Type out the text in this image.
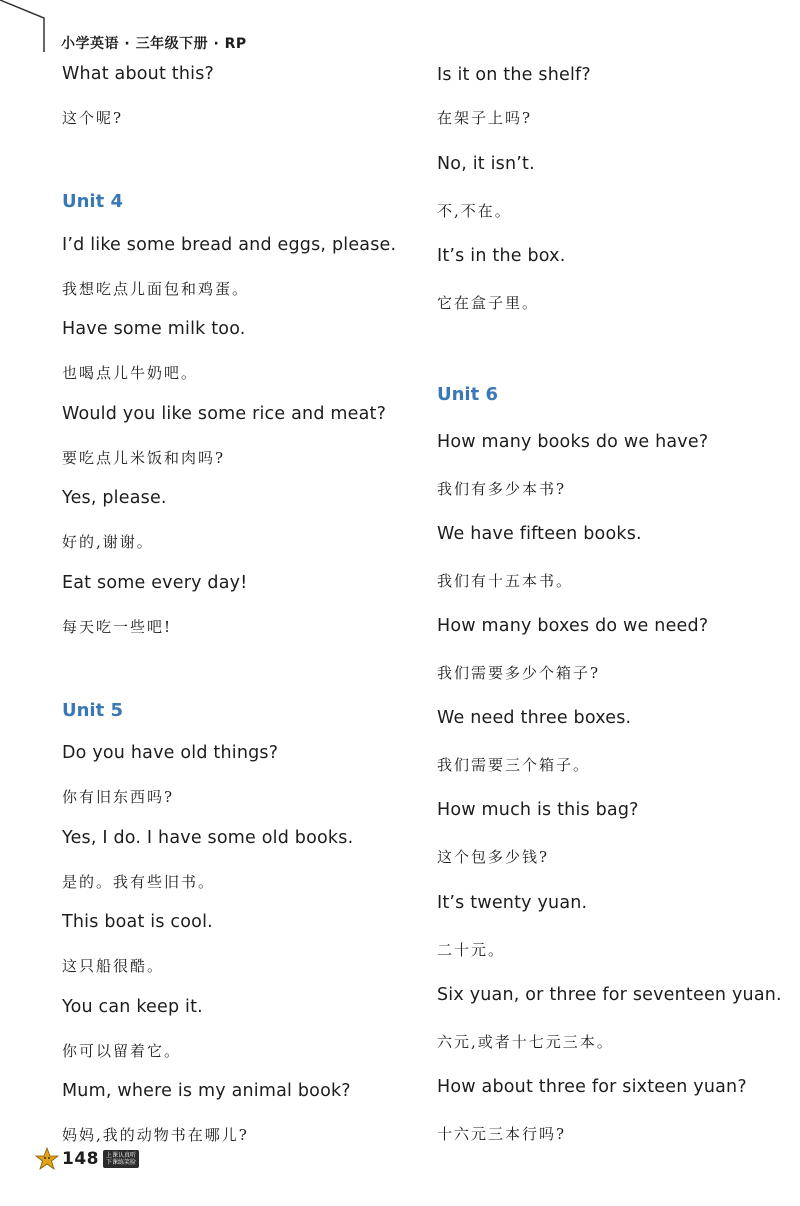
小学英语 · 三年级下册 · RP
What about this?
这个呢?
Unit 4
I’d like some bread and eggs, please.
我想吃点儿面包和鸡蛋。
Have some milk too.
也喝点儿牛奶吧。
Would you like some rice and meat?
要吃点儿米饭和肉吗?
Yes, please.
好的,谢谢。
Eat some every day!
每天吃一些吧!
Unit 5
Do you have old things?
你有旧东西吗?
Yes, I do. I have some old books.
是的。我有些旧书。
This boat is cool.
这只船很酷。
You can keep it.
你可以留着它。
Mum, where is my animal book?
妈妈,我的动物书在哪儿?
Is it on the shelf?
在架子上吗?
No, it isn’t.
不,不在。
It’s in the box.
它在盒子里。
Unit 6
How many books do we have?
我们有多少本书?
We have fifteen books.
我们有十五本书。
How many boxes do we need?
我们需要多少个箱子?
We need three boxes.
我们需要三个箱子。
How much is this bag?
这个包多少钱?
It’s twenty yuan.
二十元。
Six yuan, or three for seventeen yuan.
六元,或者十七元三本。
How about three for sixteen yuan?
十六元三本行吗?
148	上课认真听
下课练笑脸
